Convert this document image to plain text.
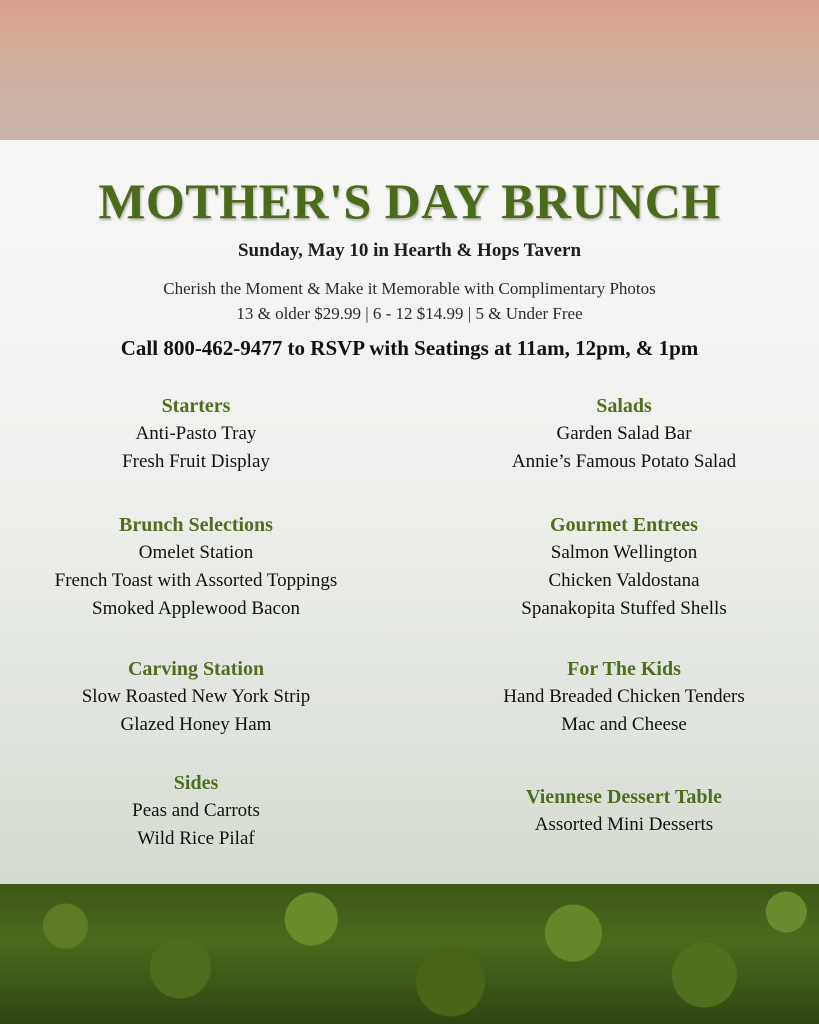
MOTHER'S DAY BRUNCH
Sunday, May 10 in Hearth & Hops Tavern
Cherish the Moment & Make it Memorable with Complimentary Photos
13 & older $29.99 | 6 - 12 $14.99 | 5 & Under Free
Call 800-462-9477 to RSVP with Seatings at 11am, 12pm, & 1pm
Starters
Anti-Pasto Tray
Fresh Fruit Display
Brunch Selections
Omelet Station
French Toast with Assorted Toppings
Smoked Applewood Bacon
Carving Station
Slow Roasted New York Strip
Glazed Honey Ham
Sides
Peas and Carrots
Wild Rice Pilaf
Salads
Garden Salad Bar
Annie’s Famous Potato Salad
Gourmet Entrees
Salmon Wellington
Chicken Valdostana
Spanakopita Stuffed Shells
For The Kids
Hand Breaded Chicken Tenders
Mac and Cheese
Viennese Dessert Table
Assorted Mini Desserts
